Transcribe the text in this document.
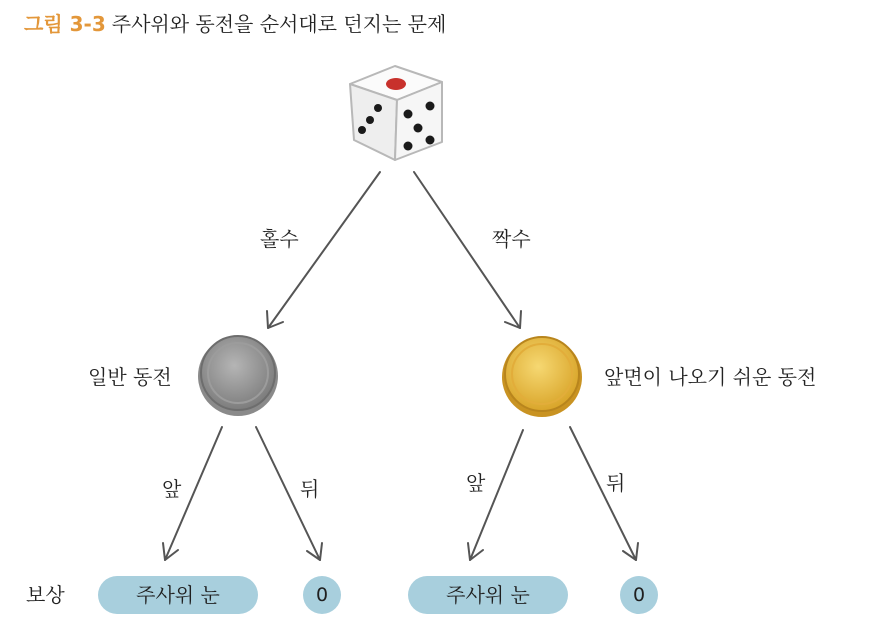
그림 3-3 주사위와 동전을 순서대로 던지는 문제
홀수	짝수
일반 동전	앞면이 나오기 쉬운 동전
앞	뒤	앞	뒤
보상	주사위 눈	0	주사위 눈	0
